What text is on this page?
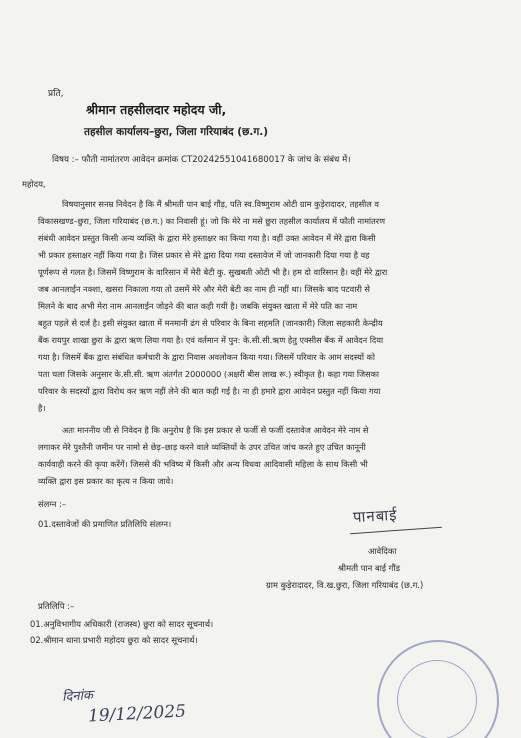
प्रति,
श्रीमान तहसीलदार महोदय जी,
तहसील कार्यालय–छुरा, जिला गरियाबंद (छ.ग.)
विषय :– फौती नामांतरण आवेदन क्रमांक CT20242551041680017 के जांच के संबंध में।
महोदय,
विषयानुसार सनम्र निवेदन है कि मैं श्रीमती पान बाई गौंड़, पति स्व.विष्णुराम ओटी ग्राम कुड़ेरादादर, तहसील व
विकासखण्ड–छुरा, जिला गरियाबंद (छ.ग.) का निवासी हूं। जो कि मेरे ना मसे छुरा तहसील कार्यालय में फौती नामांतरण
संबंधी आवेदन प्रस्तुत किसी अन्य व्यक्ति के द्वारा मेरे हस्ताक्षर का किया गया है। वहीं उक्त आवेदन में मेरे द्वारा किसी
भी प्रकार हस्ताक्षर नहीं किया गया है। जिस प्रकार से मेरे द्वारा दिया गया दस्तावेज में जो जानकारी दिया गया है वह
पूर्णरूप से गलत है। जिसमें विष्णुराम के वारिसान में मेरी बेटी कु. सुखबती ओटी भी है। हम दो वारिसान है। वहीं मेरे द्वारा
जब आनलाईन नक्शा, खसरा निकाला गया तो उसमें मेरे और मेरी बेटी का नाम ही नहीं था। जिसके बाद पटवारी से
मिलने के बाद अभी मेरा नाम आनलाईन जोड़ने की बात कही गयी है। जबकि संयुक्त खाता में मेरे पति का नाम
बहुत पहले से दर्ज है। इसी संयुक्त खाता में मनमानी ढंग से परिवार के बिना सहमति (जानकारी) जिला सहकारी केन्द्रीय
बैंक रायपुर शाखा छुरा के द्वारा ऋण लिया गया है। एवं वर्तमान में पुन: के.सी.सी.ऋण हेतु एक्सीस बैंक में आवेदन दिया
गया है। जिसमें बैंक द्वारा संबंधित कर्मचारी के द्वारा निवास अवलोकन किया गया। जिसमें परिवार के आम सदस्यों को
पता चला जिसके अनुसार के.सी.सी. ऋण अंतर्गत 2000000 (अक्षरी बीस लाख रू.) स्वीकृत है। कहा गया जिसका
परिवार के सदस्यों द्वारा विरोध कर ऋण नहीं लेने की बात कही गई है। ना ही हमारे द्वारा आवेदन प्रस्तुत नहीं किया गया
है।
अतः माननीय जी से निवेदन है कि अनुरोध है कि इस प्रकार से फर्जी से फर्जी दस्तावेज आवेदन मेरे नाम से
लगाकर मेरे पुश्तैनी जमीन पर नामो से छेड़–छाड़ करने वाले व्यक्तियों के उपर उचित जांच करते हुए उचित कानूनी
कार्यवाही करने की कृपा करेंगें। जिससे की भविष्य में किसी और अन्य विधवा आदिवासी महिला के साथ किसी भी
व्यक्ति द्वारा इस प्रकार का कृत्य न किया जावे।
संलग्न :–
01.दस्तावेजों की प्रमाणित प्रतिलिपि संलग्न।	पानबाई
आवेदिका
श्रीमती पान बाई गौंड
ग्राम कुड़ेरादादर, वि.ख.छुरा, जिला गरियाबंद (छ.ग.)
प्रतिलिपि :–
01.अनुविभागीय अधिकारी (राजस्व) छुरा को सादर सूचनार्थ।
02.श्रीमान थाना प्रभारी महोदय छुरा को सादर सूचनार्थ।
दिनांक
19/12/2025
